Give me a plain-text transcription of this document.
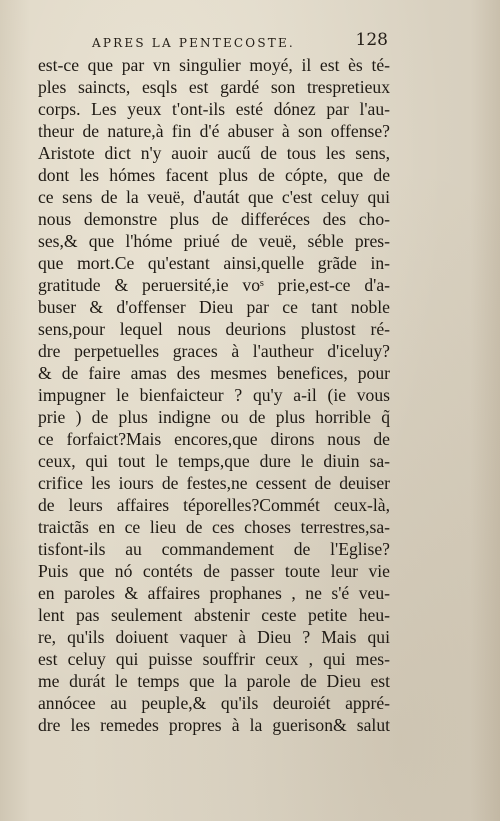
APRES LA PENTECOSTE.	128
est-ce que par vn singulier moyé, il est ès té-
ples saincts, esqls est gardé son trespretieux
corps. Les yeux t'ont-ils esté dónez par l'au-
theur de nature,à fin d'é abuser à son offense?
Aristote dict n'y auoir aucű de tous les sens,
dont les hómes facent plus de cópte, que de
ce sens de la veuë, d'autát que c'est celuy qui
nous demonstre plus de differéces des cho-
ses,& que l'hóme priué de veuë, séble pres-
que mort.Ce qu'estant ainsi,quelle grãde in-
gratitude & peruersité,ie voˢ prie,est-ce d'a-
buser & d'offenser Dieu par ce tant noble
sens,pour lequel nous deurions plustost ré-
dre perpetuelles graces à l'autheur d'iceluy?
& de faire amas des mesmes benefices, pour
impugner le bienfaicteur ? qu'y a-il (ie vous
prie ) de plus indigne ou de plus horrible q̃
ce forfaict?Mais encores,que dirons nous de
ceux, qui tout le temps,que dure le diuin sa-
crifice les iours de festes,ne cessent de deuiser
de leurs affaires téporelles?Commét ceux-là,
traictãs en ce lieu de ces choses terrestres,sa-
tisfont-ils au commandement de l'Eglise?
Puis que nó contéts de passer toute leur vie
en paroles & affaires prophanes , ne s'é veu-
lent pas seulement abstenir ceste petite heu-
re, qu'ils doiuent vaquer à Dieu ? Mais qui
est celuy qui puisse souffrir ceux , qui mes-
me durát le temps que la parole de Dieu est
annócee au peuple,& qu'ils deuroiét appré-
dre les remedes propres à la guerison& salut
